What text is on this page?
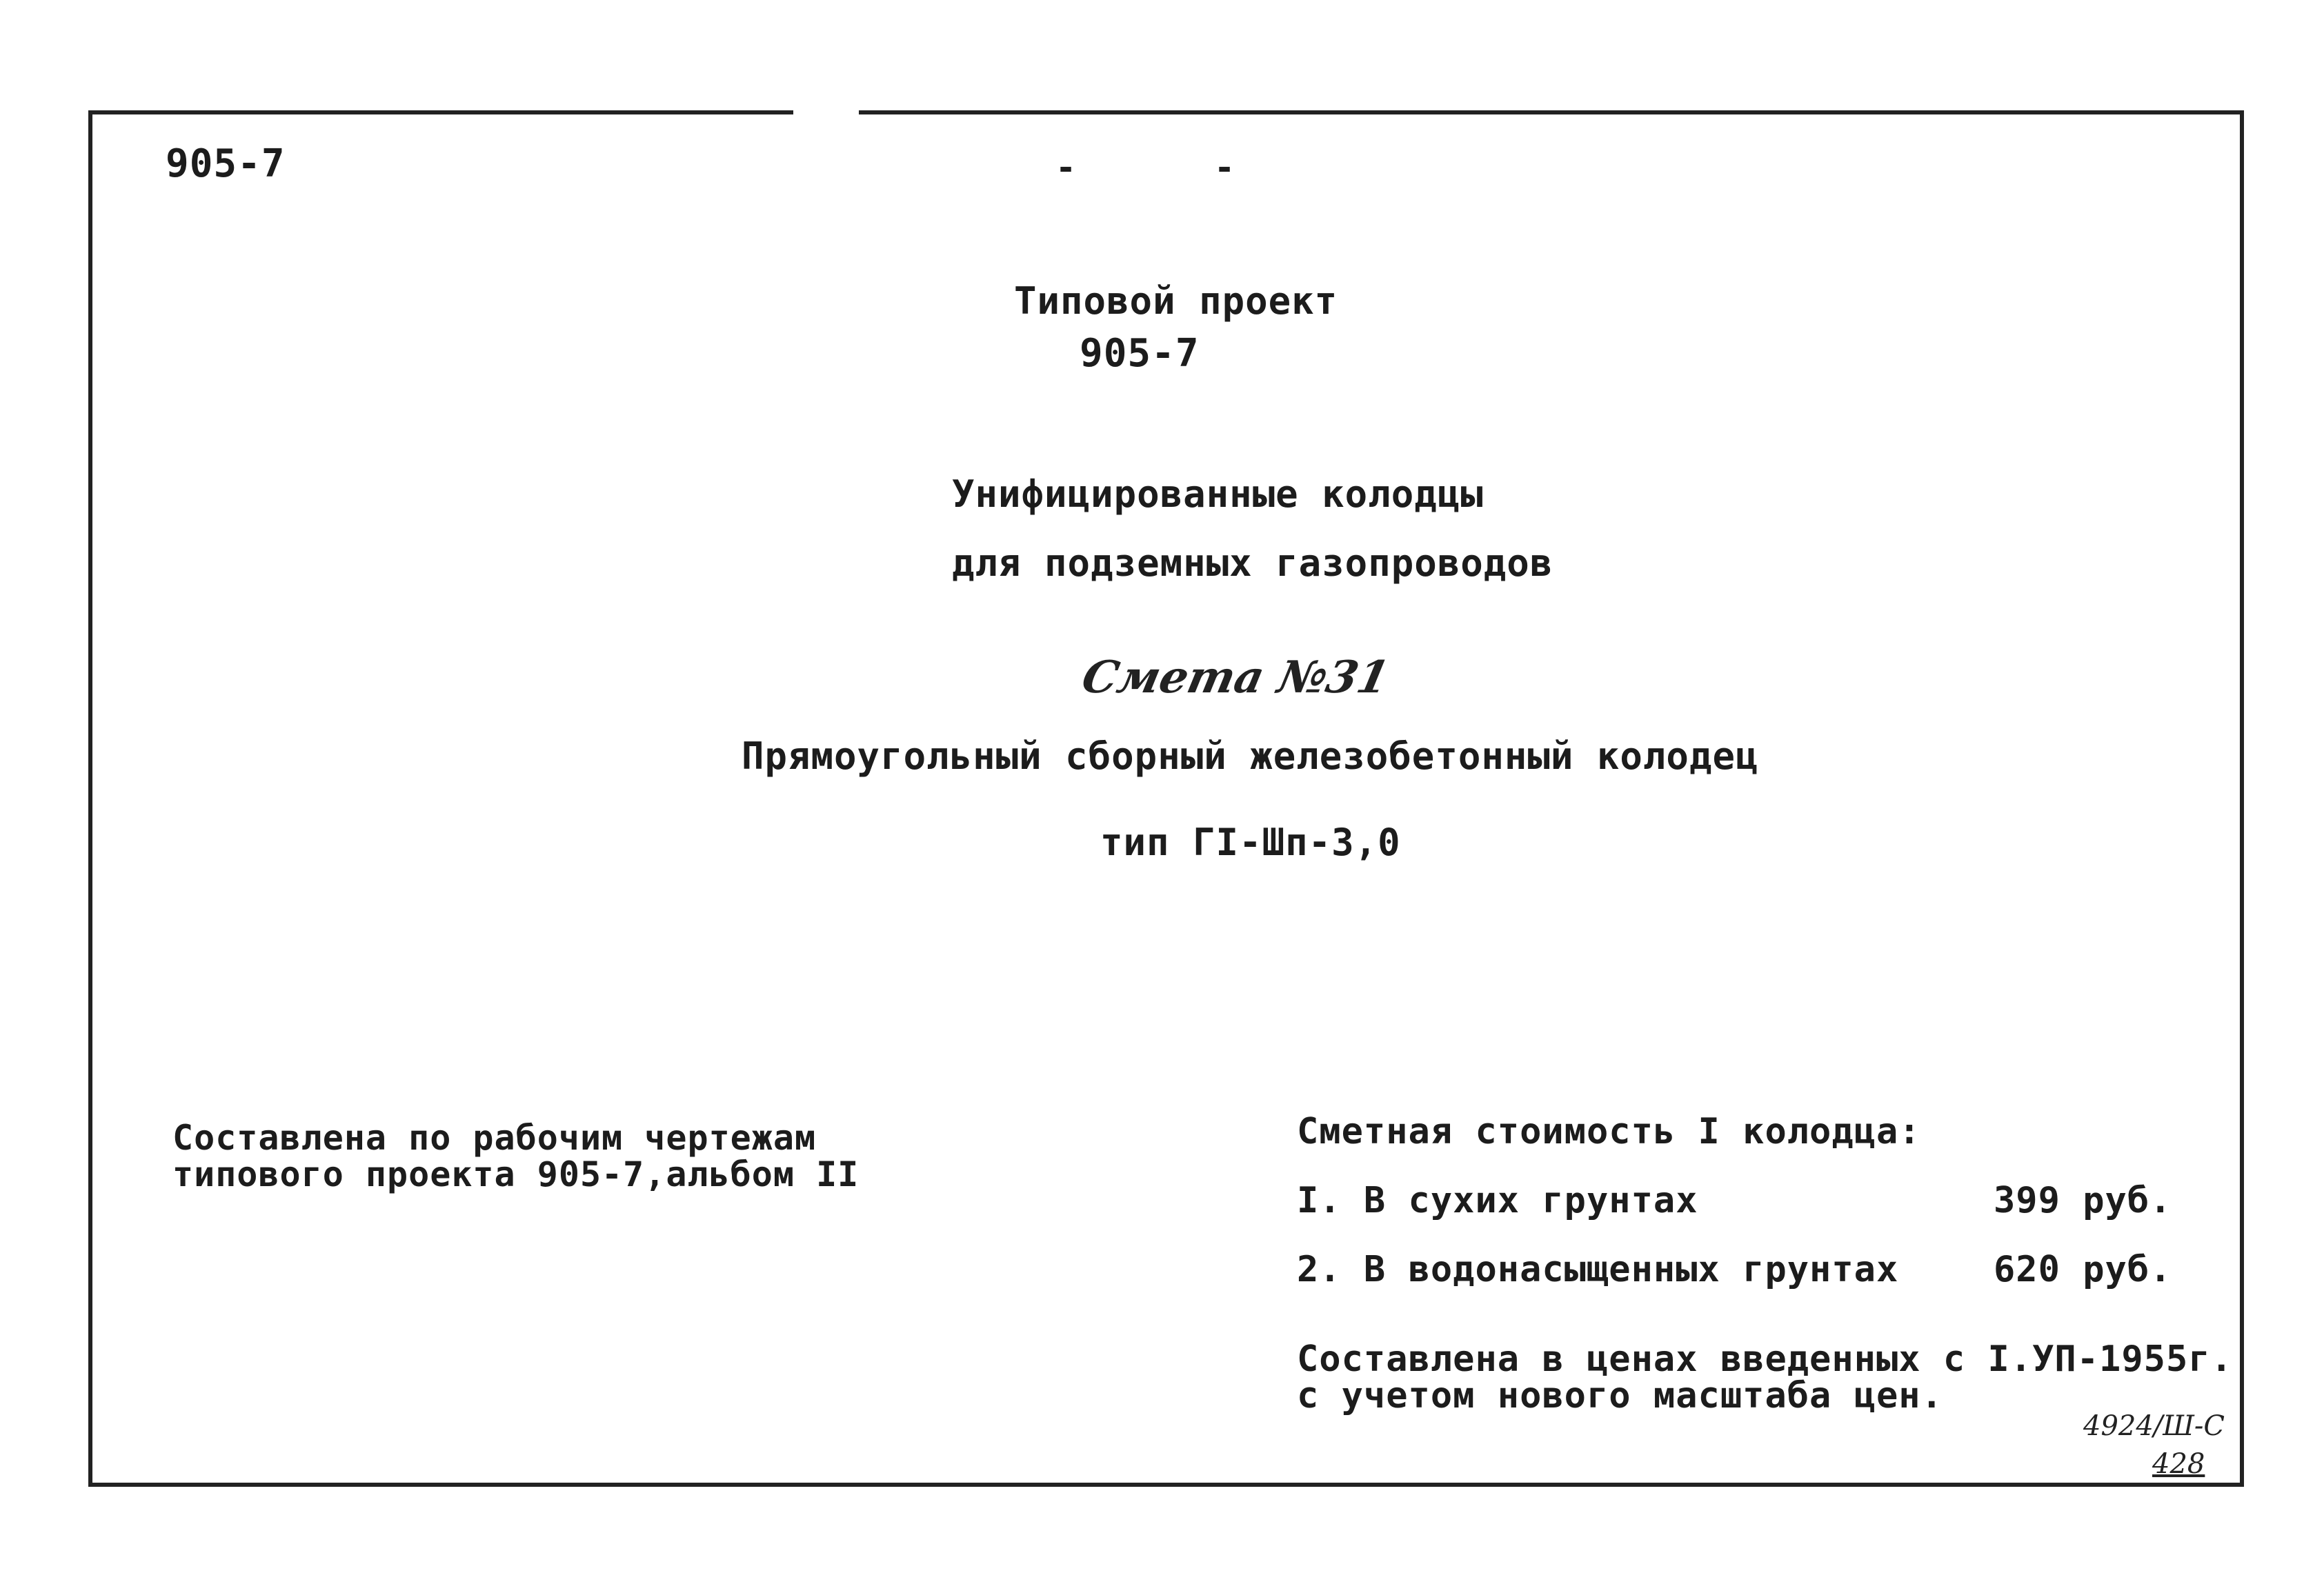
905-7	-	-
Типовой проект
905-7
Унифицированные колодцы
для подземных газопроводов
Смета №31
Прямоугольный сборный железобетонный колодец
тип ГI-Шп-3,0
Составлена по рабочим чертежам
типового проекта 905-7,альбом II
Сметная стоимость I колодца:
I. В сухих грунтах	399 руб.
2. В водонасыщенных грунтах	620 руб.
Составлена в ценах введенных с I.УП-1955г.
с учетом нового масштаба цен.
4924/Ш-С
428
